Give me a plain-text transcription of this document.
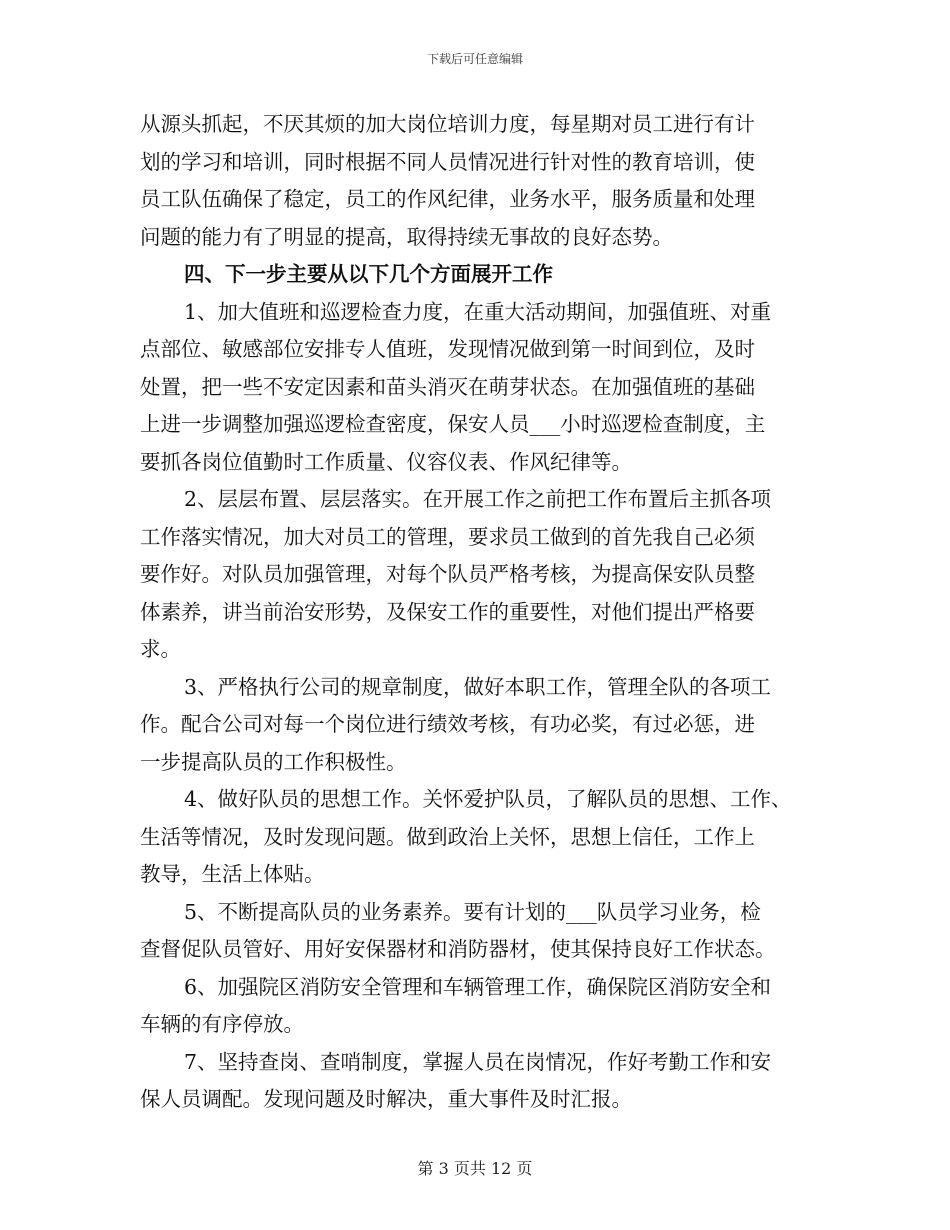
下载后可任意编辑

从源头抓起，不厌其烦的加大岗位培训力度，每星期对员工进行有计

划的学习和培训，同时根据不同人员情况进行针对性的教育培训，使

员工队伍确保了稳定，员工的作风纪律，业务水平，服务质量和处理

问题的能力有了明显的提高，取得持续无事故的良好态势。

四、下一步主要从以下几个方面展开工作

1、加大值班和巡逻检查力度，在重大活动期间，加强值班、对重

点部位、敏感部位安排专人值班，发现情况做到第一时间到位，及时

处置，把一些不安定因素和苗头消灭在萌芽状态。在加强值班的基础

上进一步调整加强巡逻检查密度，保安人员___小时巡逻检查制度，主

要抓各岗位值勤时工作质量、仪容仪表、作风纪律等。

2、层层布置、层层落实。在开展工作之前把工作布置后主抓各项

工作落实情况，加大对员工的管理，要求员工做到的首先我自己必须

要作好。对队员加强管理，对每个队员严格考核，为提高保安队员整

体素养，讲当前治安形势，及保安工作的重要性，对他们提出严格要

求。

3、严格执行公司的规章制度，做好本职工作，管理全队的各项工

作。配合公司对每一个岗位进行绩效考核，有功必奖，有过必惩，进

一步提高队员的工作积极性。

4、做好队员的思想工作。关怀爱护队员，了解队员的思想、工作、

生活等情况，及时发现问题。做到政治上关怀，思想上信任，工作上

教导，生活上体贴。

5、不断提高队员的业务素养。要有计划的___队员学习业务，检

查督促队员管好、用好安保器材和消防器材，使其保持良好工作状态。

6、加强院区消防安全管理和车辆管理工作，确保院区消防安全和

车辆的有序停放。

7、坚持查岗、查哨制度，掌握人员在岗情况，作好考勤工作和安

保人员调配。发现问题及时解决，重大事件及时汇报。

第 3 页共 12 页
